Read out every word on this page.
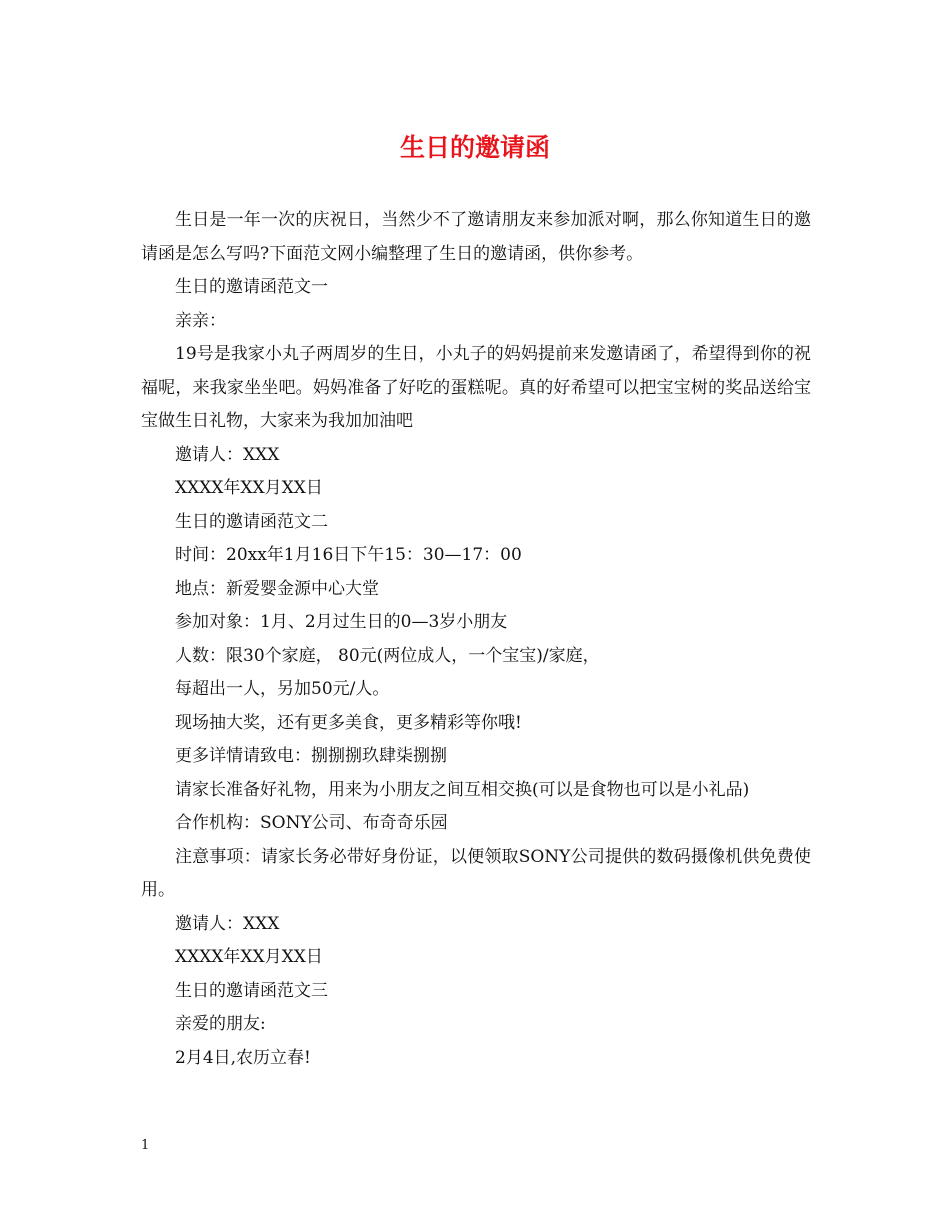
生日的邀请函

生日是一年一次的庆祝日，当然少不了邀请朋友来参加派对啊，那么你知道生日的邀请函是怎么写吗?下面范文网小编整理了生日的邀请函，供你参考。

生日的邀请函范文一

亲亲：

19号是我家小丸子两周岁的生日，小丸子的妈妈提前来发邀请函了，希望得到你的祝福呢，来我家坐坐吧。妈妈准备了好吃的蛋糕呢。真的好希望可以把宝宝树的奖品送给宝宝做生日礼物，大家来为我加加油吧

邀请人：XXX

XXXX年XX月XX日

生日的邀请函范文二

时间：20xx年1月16日下午15：30—17：00

地点：新爱婴金源中心大堂

参加对象：1月、2月过生日的0—3岁小朋友

人数：限30个家庭， 80元(两位成人，一个宝宝)/家庭，

每超出一人，另加50元/人。

现场抽大奖，还有更多美食，更多精彩等你哦!

更多详情请致电：捌捌捌玖肆柒捌捌

请家长准备好礼物，用来为小朋友之间互相交换(可以是食物也可以是小礼品)

合作机构：SONY公司、布奇奇乐园

注意事项：请家长务必带好身份证，以便领取SONY公司提供的数码摄像机供免费使用。

邀请人：XXX

XXXX年XX月XX日

生日的邀请函范文三

亲爱的朋友:

2月4日,农历立春!

1
